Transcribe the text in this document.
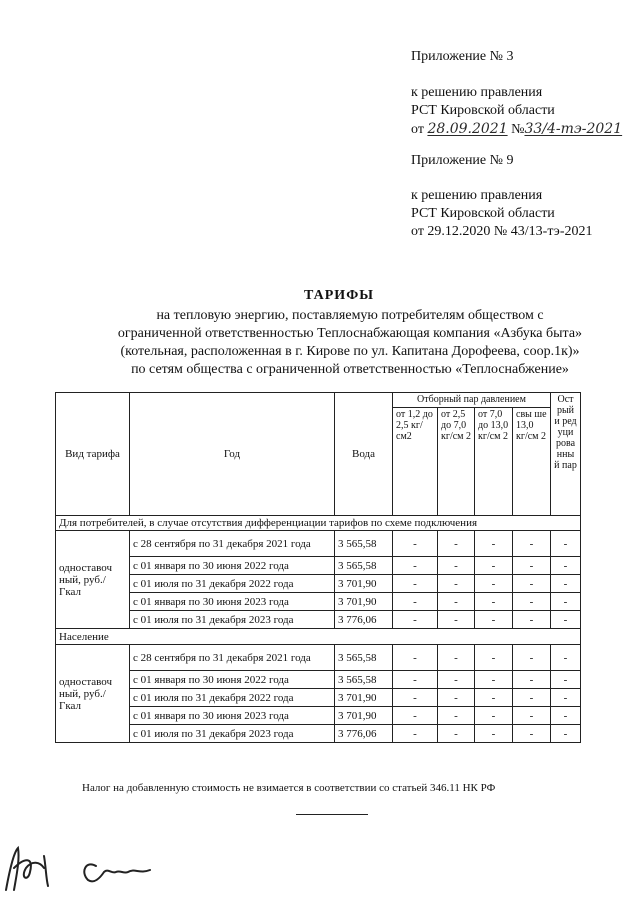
Приложение № 3
к решению правления
РСТ Кировской области
от 28.09.2021 №33/4-тэ-2021
Приложение № 9
к решению правления
РСТ Кировской области
от 29.12.2020 № 43/13-тэ-2021
ТАРИФЫ
на тепловую энергию, поставляемую потребителям обществом с
ограниченной ответственностью Теплоснабжающая компания «Азбука быта»
(котельная, расположенная в г. Кирове по ул. Капитана Дорофеева, соор.1к)»
по сетям общества с ограниченной ответственностью «Теплоснабжение»
Вид тарифа	Год	Вода	Отборный пар давлением				Ост рый и ред уци рова нны й пар
			от 1,2 до 2,5 кг/см2	от 2,5 до 7,0 кг/см 2	от 7,0 до 13,0 кг/см 2	свы ше 13,0 кг/см 2	
Для потребителей, в случае отсутствия дифференциации тарифов по схеме подключения							
одноставоч ный, руб./Гкал	с 28 сентября по 31 декабря 2021 года	3 565,58	-	-	-	-	-
	с 01 января по 30 июня 2022 года	3 565,58	-	-	-	-	-
	с 01 июля по 31 декабря 2022 года	3 701,90	-	-	-	-	-
	с 01 января по 30 июня 2023 года	3 701,90	-	-	-	-	-
	с 01 июля по 31 декабря 2023 года	3 776,06	-	-	-	-	-
Население							
одноставоч ный, руб./Гкал	с 28 сентября по 31 декабря 2021 года	3 565,58	-	-	-	-	-
	с 01 января по 30 июня 2022 года	3 565,58	-	-	-	-	-
	с 01 июля по 31 декабря 2022 года	3 701,90	-	-	-	-	-
	с 01 января по 30 июня 2023 года	3 701,90	-	-	-	-	-
	с 01 июля по 31 декабря 2023 года	3 776,06	-	-	-	-	-
Налог на добавленную стоимость не взимается в соответствии со статьей 346.11 НК РФ
